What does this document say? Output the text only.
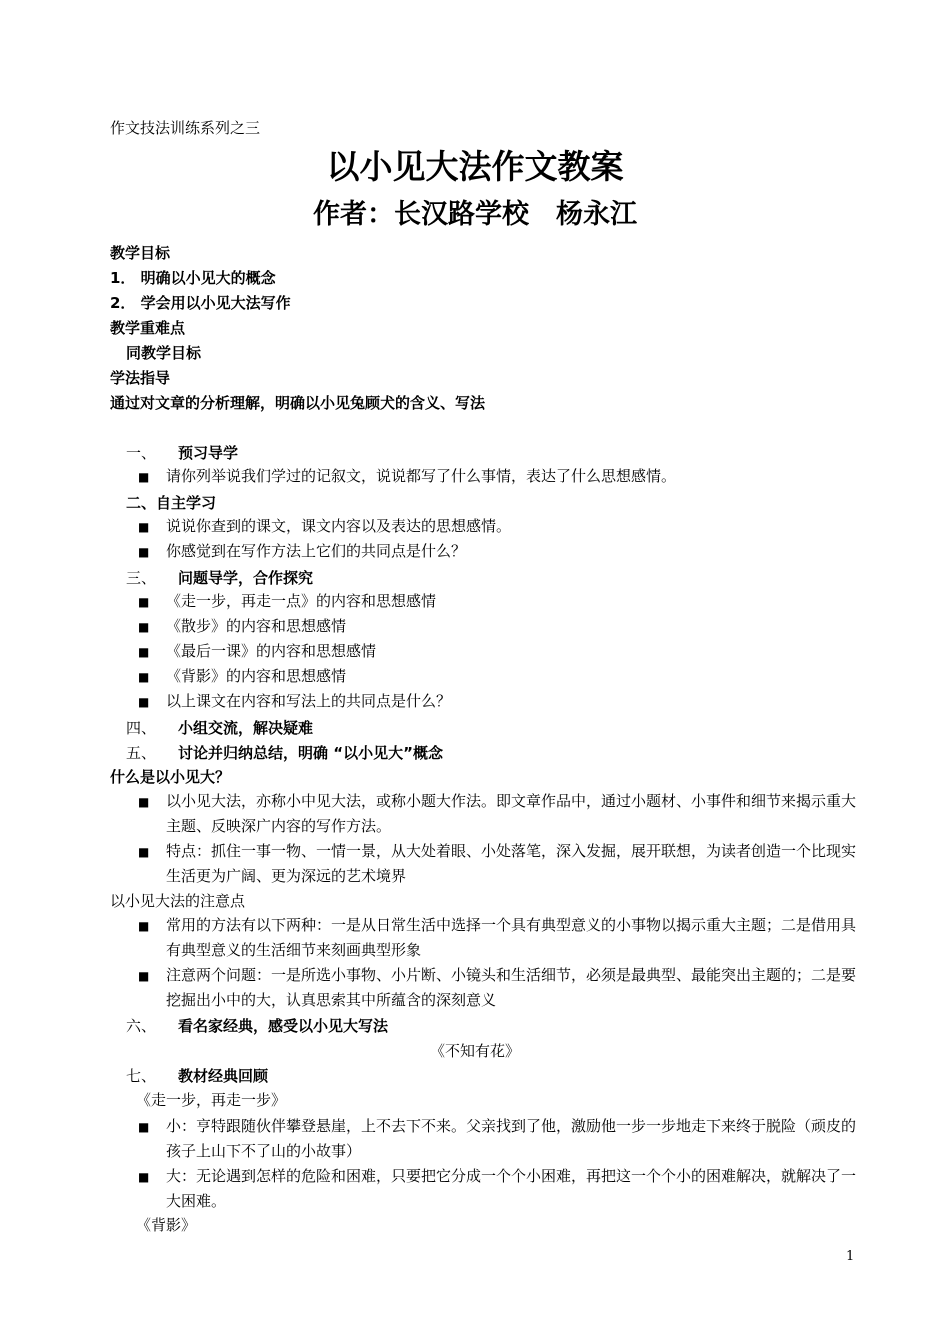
作文技法训练系列之三
以小见大法作文教案
作者：长汉路学校　杨永江
教学目标
1． 明确以小见大的概念
2． 学会用以小见大法写作
教学重难点
同教学目标
学法指导
通过对文章的分析理解，明确以小见兔顾犬的含义、写法
一、 预习导学
■ 请你列举说我们学过的记叙文，说说都写了什么事情，表达了什么思想感情。
二、自主学习
■ 说说你查到的课文，课文内容以及表达的思想感情。
■ 你感觉到在写作方法上它们的共同点是什么？
三、 问题导学，合作探究
■ 《走一步，再走一点》的内容和思想感情
■ 《散步》的内容和思想感情
■ 《最后一课》的内容和思想感情
■ 《背影》的内容和思想感情
■ 以上课文在内容和写法上的共同点是什么？
四、 小组交流，解决疑难
五、 讨论并归纳总结，明确 “以小见大”概念
什么是以小见大？
■ 以小见大法，亦称小中见大法，或称小题大作法。即文章作品中，通过小题材、小事件和细节来揭示重大主题、反映深广内容的写作方法。
■ 特点：抓住一事一物、一情一景，从大处着眼、小处落笔，深入发掘，展开联想，为读者创造一个比现实生活更为广阔、更为深远的艺术境界
以小见大法的注意点
■ 常用的方法有以下两种：一是从日常生活中选择一个具有典型意义的小事物以揭示重大主题；二是借用具有典型意义的生活细节来刻画典型形象
■ 注意两个问题：一是所选小事物、小片断、小镜头和生活细节，必须是最典型、最能突出主题的；二是要挖掘出小中的大，认真思索其中所蕴含的深刻意义
六、 看名家经典，感受以小见大写法
《不知有花》
七、 教材经典回顾
《走一步，再走一步》
■ 小：亨特跟随伙伴攀登悬崖，上不去下不来。父亲找到了他，激励他一步一步地走下来终于脱险（顽皮的孩子上山下不了山的小故事）
■ 大：无论遇到怎样的危险和困难，只要把它分成一个个小困难，再把这一个个小的困难解决，就解决了一大困难。
《背影》
1
